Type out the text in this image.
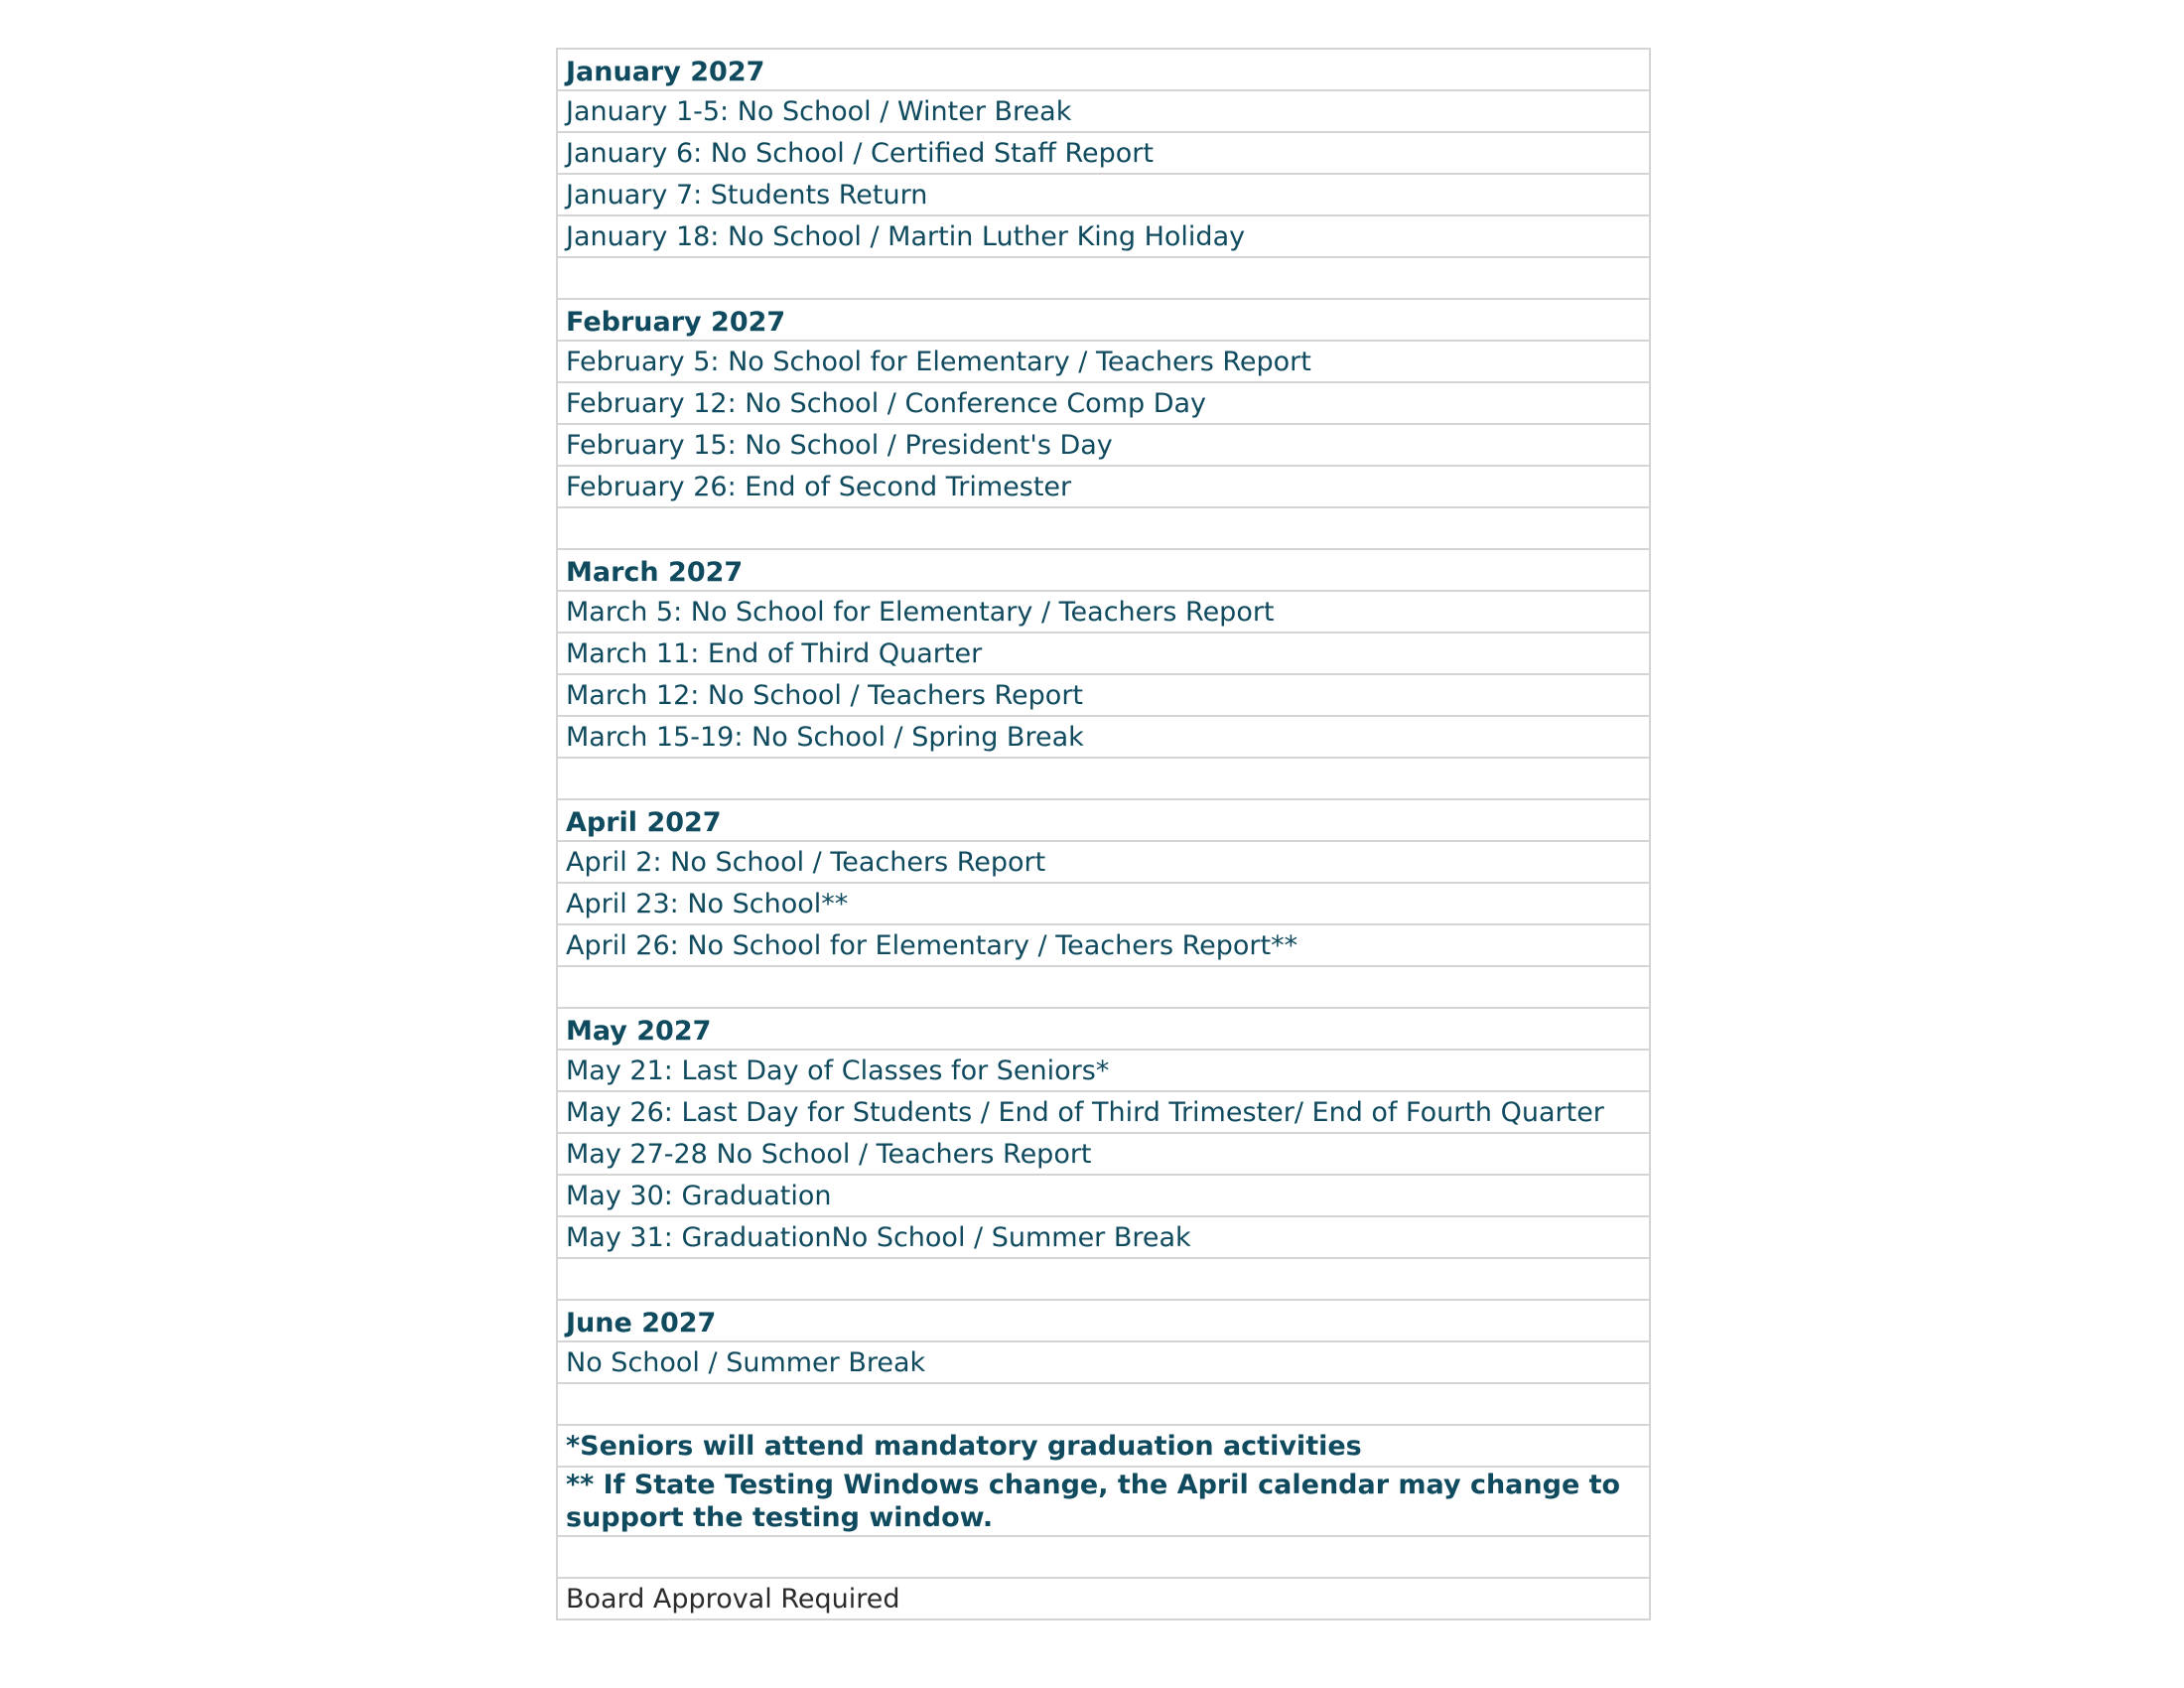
January 2027
January 1-5: No School / Winter Break
January 6: No School / Certified Staff Report
January 7: Students Return
January 18: No School / Martin Luther King Holiday
February 2027
February 5: No School for Elementary / Teachers Report
February 12: No School / Conference Comp Day
February 15: No School / President's Day
February 26: End of Second Trimester
March 2027
March 5: No School for Elementary / Teachers Report
March 11: End of Third Quarter
March 12: No School / Teachers Report
March 15-19: No School / Spring Break
April 2027
April 2: No School / Teachers Report
April 23: No School**
April 26: No School for Elementary / Teachers Report**
May 2027
May 21: Last Day of Classes for Seniors*
May 26: Last Day for Students / End of Third Trimester/ End of Fourth Quarter
May 27-28 No School / Teachers Report
May 30: Graduation
May 31: GraduationNo School / Summer Break
June 2027
No School / Summer Break
*Seniors will attend mandatory graduation activities
** If State Testing Windows change, the April calendar may change to support the testing window.
Board Approval Required
